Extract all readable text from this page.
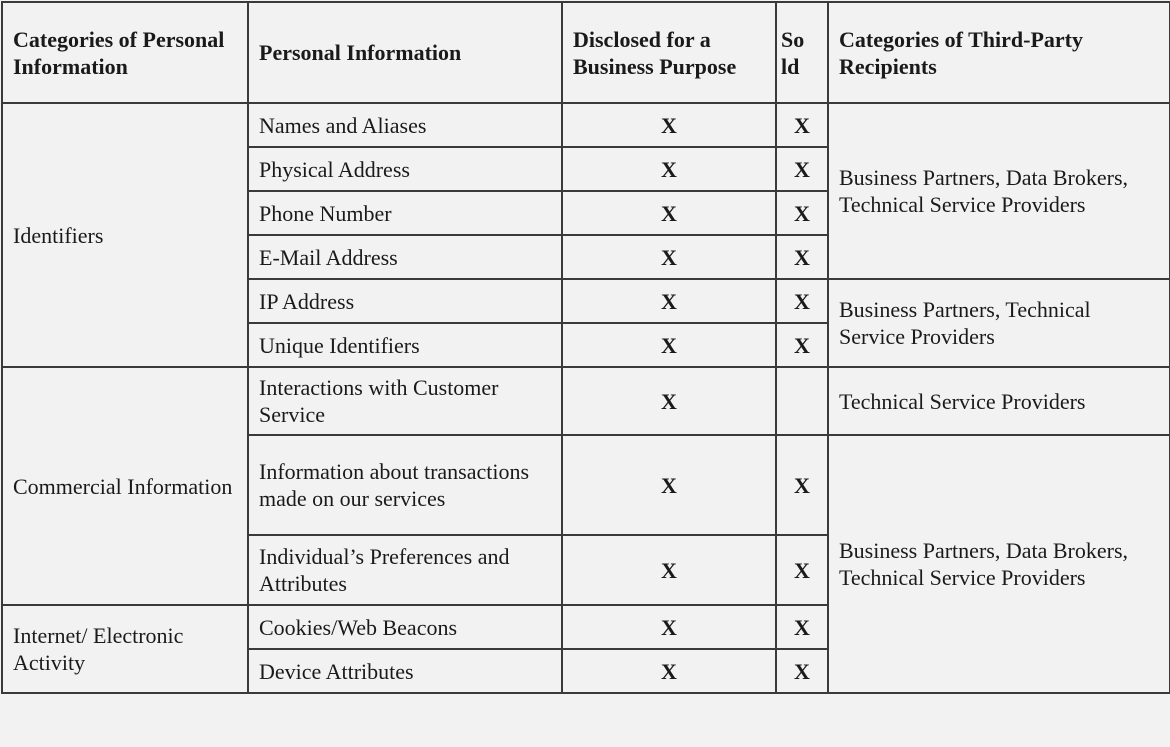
Categories of Personal Information	Personal Information	Disclosed for a Business Purpose	So ld	Categories of Third-Party Recipients
Identifiers	Names and Aliases	X	X	Business Partners, Data Brokers, Technical Service Providers
	Physical Address	X	X	
	Phone Number	X	X	
	E-Mail Address	X	X	
	IP Address	X	X	Business Partners, Technical Service Providers
	Unique Identifiers	X	X	
Commercial Information	Interactions with Customer Service	X		Technical Service Providers
	Information about transactions made on our services	X	X	Business Partners, Data Brokers, Technical Service Providers
	Individual’s Preferences and Attributes	X	X	
Internet/ Electronic Activity	Cookies/Web Beacons	X	X	
	Device Attributes	X	X	
